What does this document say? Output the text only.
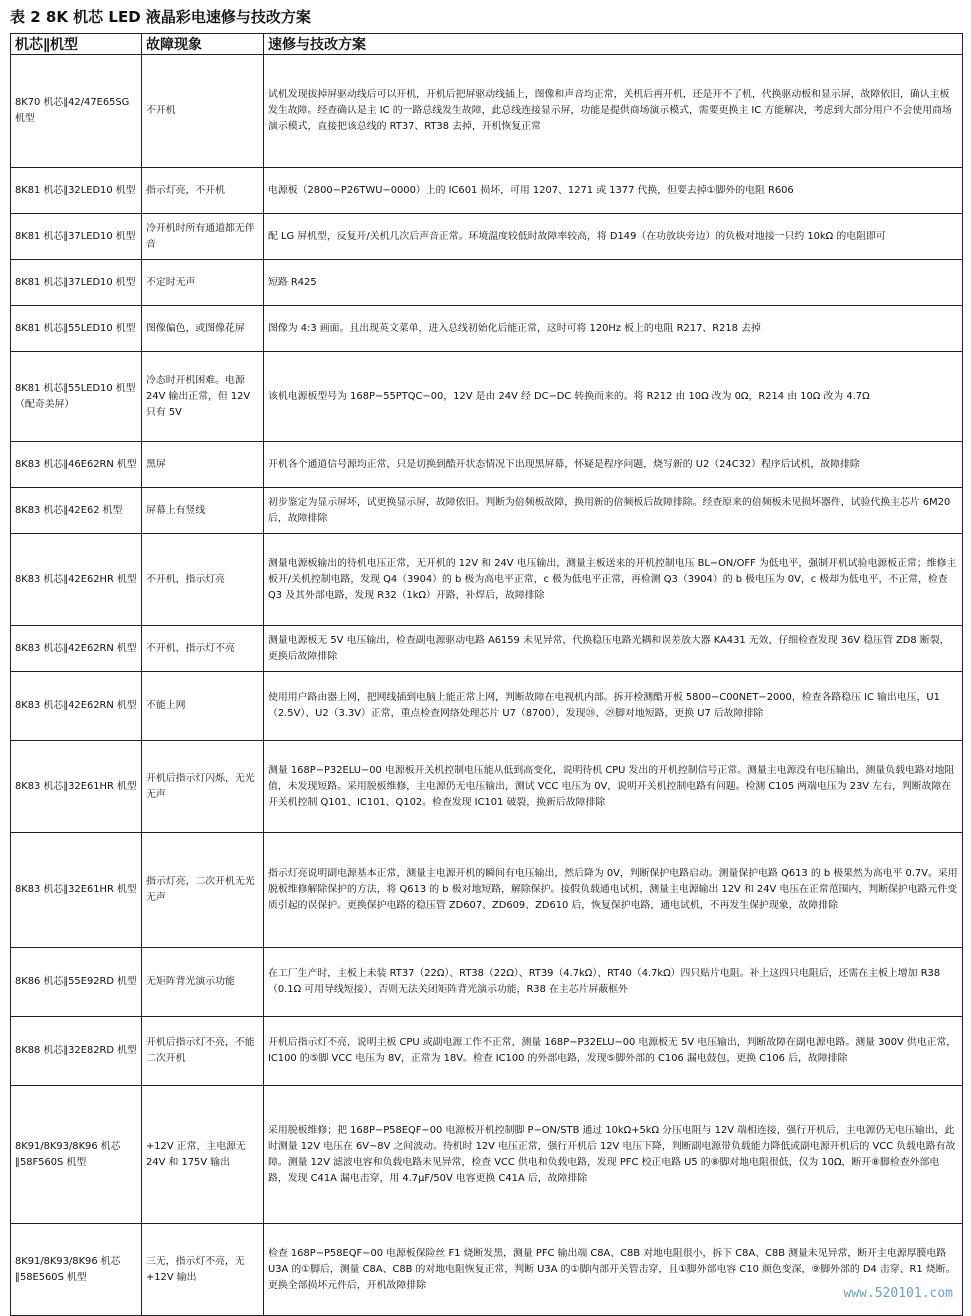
表 2 8K 机芯 LED 液晶彩电速修与技改方案
机芯∥机型	故障现象	速修与技改方案
8K70 机芯∥42/47E65SG 机型	不开机	试机发现拔掉屏驱动线后可以开机，开机后把屏驱动线插上，图像和声音均正常，关机后再开机，还是开不了机，代换驱动板和显示屏，故障依旧，确认主板发生故障。经查确认是主 IC 的一路总线发生故障，此总线连接显示屏，功能是提供商场演示模式，需要更换主 IC 方能解决，考虑到大部分用户不会使用商场演示模式，直接把该总线的 RT37、RT38 去掉，开机恢复正常
8K81 机芯∥32LED10 机型	指示灯亮，不开机	电源板（2800−P26TWU−0000）上的 IC601 损坏，可用 1207、1271 或 1377 代换，但要去掉①脚外的电阻 R606
8K81 机芯∥37LED10 机型	冷开机时所有通道都无伴音	配 LG 屏机型，反复开/关机几次后声音正常。环境温度较低时故障率较高，将 D149（在功放块旁边）的负极对地接一只约 10kΩ 的电阻即可
8K81 机芯∥37LED10 机型	不定时无声	短路 R425
8K81 机芯∥55LED10 机型	图像偏色，或图像花屏	图像为 4:3 画面。且出现英文菜单，进入总线初始化后能正常，这时可将 120Hz 板上的电阻 R217、R218 去掉
8K81 机芯∥55LED10 机型（配奇美屏）	冷态时开机困难。电源 24V 输出正常，但 12V 只有 5V	该机电源板型号为 168P−55PTQC−00，12V 是由 24V 经 DC−DC 转换而来的。将 R212 由 10Ω 改为 0Ω，R214 由 10Ω 改为 4.7Ω
8K83 机芯∥46E62RN 机型	黑屏	开机各个通道信号源均正常，只是切换到酷开状态情况下出现黑屏幕，怀疑是程序问题，烧写新的 U2（24C32）程序后试机，故障排除
8K83 机芯∥42E62 机型	屏幕上有竖线	初步鉴定为显示屏坏，试更换显示屏，故障依旧。判断为倍频板故障，换用新的倍频板后故障排除。经查原来的倍频板未见损坏器件，试验代换主芯片 6M20 后，故障排除
8K83 机芯∥42E62HR 机型	不开机，指示灯亮	测量电源板输出的待机电压正常，无开机的 12V 和 24V 电压输出，测量主板送来的开机控制电压 BL−ON/OFF 为低电平，强制开机试验电源板正常；维修主板开/关机控制电路，发现 Q4（3904）的 b 极为高电平正常，c 极为低电平正常，再检测 Q3（3904）的 b 极电压为 0V，c 极却为低电平，不正常，检查 Q3 及其外部电路，发现 R32（1kΩ）开路，补焊后，故障排除
8K83 机芯∥42E62RN 机型	不开机，指示灯不亮	测量电源板无 5V 电压输出，检查副电源驱动电路 A6159 未见异常，代换稳压电路光耦和误差放大器 KA431 无效，仔细检查发现 36V 稳压管 ZD8 断裂，更换后故障排除
8K83 机芯∥42E62RN 机型	不能上网	使用用户路由器上网，把网线插到电脑上能正常上网，判断故障在电视机内部。拆开检测酷开板 5800−C00NET−2000，检查各路稳压 IC 输出电压，U1（2.5V）、U2（3.3V）正常，重点检查网络处理芯片 U7（8700），发现㉘、㉙脚对地短路，更换 U7 后故障排除
8K83 机芯∥32E61HR 机型	开机后指示灯闪烁，无光无声	测量 168P−P32ELU−00 电源板开关机控制电压能从低到高变化，说明待机 CPU 发出的开机控制信号正常。测量主电源没有电压输出，测量负载电路对地阻值，未发现短路。采用脱板维修，主电源仍无电压输出，测试 VCC 电压为 0V，说明开关机控制电路有问题。检测 C105 两端电压为 23V 左右，判断故障在开关机控制 Q101、IC101、Q102。检查发现 IC101 破裂，换新后故障排除
8K83 机芯∥32E61HR 机型	指示灯亮，二次开机无光无声	指示灯亮说明副电源基本正常，测量主电源开机的瞬间有电压输出，然后降为 0V，判断保护电路启动。测量保护电路 Q613 的 b 极果然为高电平 0.7V。采用脱板维修解除保护的方法，将 Q613 的 b 极对地短路，解除保护。接假负载通电试机，测量主电源输出 12V 和 24V 电压在正常范围内，判断保护电路元件变质引起的误保护。更换保护电路的稳压管 ZD607、ZD609、ZD610 后，恢复保护电路，通电试机，不再发生保护现象，故障排除
8K86 机芯∥55E92RD 机型	无矩阵背光演示功能	在工厂生产时，主板上未装 RT37（22Ω）、RT38（22Ω）、RT39（4.7kΩ）、RT40（4.7kΩ）四只贴片电阻。补上这四只电阻后，还需在主板上增加 R38（0.1Ω 可用导线短接），否则无法关闭矩阵背光演示功能，R38 在主芯片屏蔽框外
8K88 机芯∥32E82RD 机型	开机后指示灯不亮，不能二次开机	开机后指示灯不亮，说明主板 CPU 或副电源工作不正常，测量 168P−P32ELU−00 电源板无 5V 电压输出，判断故障在副电源电路。测量 300V 供电正常，IC100 的⑤脚 VCC 电压为 8V，正常为 18V。检查 IC100 的外部电路，发现⑤脚外部的 C106 漏电鼓包，更换 C106 后，故障排除
8K91/8K93/8K96 机芯∥58F560S 机型	+12V 正常，主电源无 24V 和 175V 输出	采用脱板维修；把 168P−P58EQF−00 电源板开机控制脚 P−ON/STB 通过 10kΩ+5kΩ 分压电阻与 12V 端相连接，强行开机后，主电源仍无电压输出，此时测量 12V 电压在 6V~8V 之间波动。待机时 12V 电压正常，强行开机后 12V 电压下降，判断副电源带负载能力降低或副电源开机后的 VCC 负载电路有故障。测量 12V 滤波电容和负载电路未见异常，检查 VCC 供电和负载电路，发现 PFC 校正电路 U5 的⑧脚对地电阻很低，仅为 10Ω，断开⑧脚检查外部电路，发现 C41A 漏电击穿，用 4.7μF/50V 电容更换 C41A 后，故障排除
8K91/8K93/8K96 机芯∥58E560S 机型	三无，指示灯不亮，无+12V 输出	检查 168P−P58EQF−00 电源板保险丝 F1 烧断发黑，测量 PFC 输出端 C8A、C8B 对地电阻很小，拆下 C8A、C8B 测量未见异常，断开主电源厚膜电路 U3A 的①脚后，测量 C8A、C8B 的对地电阻恢复正常，判断 U3A 的①脚内部开关管击穿，且①脚外部电容 C10 颜色变深，⑨脚外部的 D4 击穿、R1 烧断。更换全部损坏元件后，开机故障排除
www.520101.com
